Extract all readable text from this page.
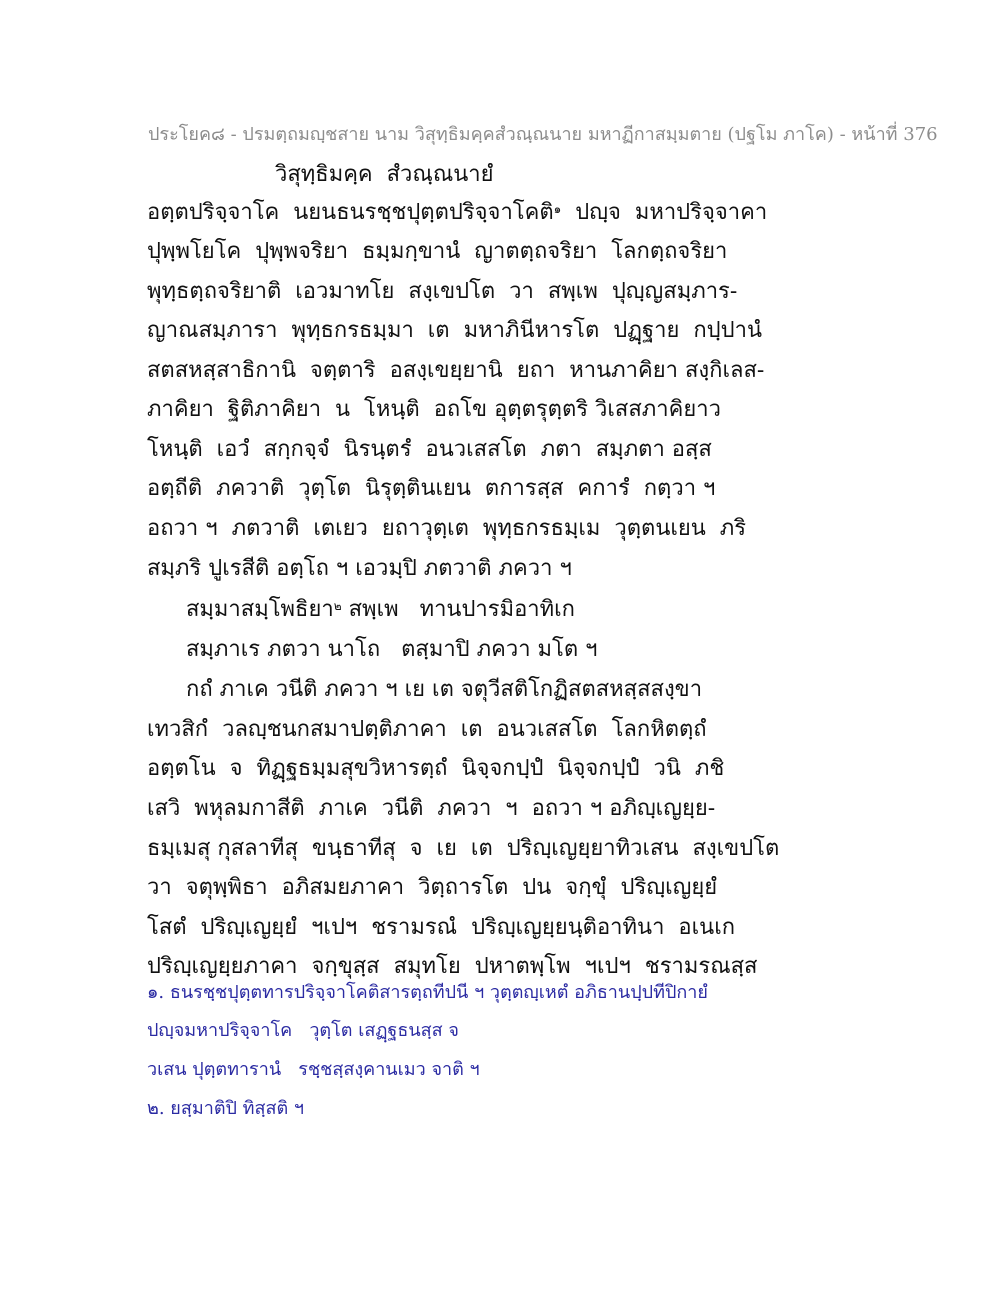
ประโยค๘ - ปรมตฺถมญฺชสาย นาม วิสุทฺธิมคฺคสํวณฺณนาย มหาฏีกาสมฺมตาย (ปฐโม ภาโค) - หน้าที่ 376
วิสุทฺธิมคฺค  สํวณฺณนายํ
อตฺตปริจฺจาโค  นยนธนรชฺชปุตฺตปริจฺจาโคติ$^๑$  ปญฺจ  มหาปริจฺจาคา
ปุพฺพโยโค  ปุพฺพจริยา  ธมฺมกฺขานํ  ญาตตฺถจริยา  โลกตฺถจริยา
พุทฺธตฺถจริยาติ  เอวมาทโย  สงฺเขปโต  วา  สพฺเพ  ปุญฺญสมฺภาร-
ญาณสมฺภารา  พุทฺธกรธมฺมา  เต  มหาภินีหารโต  ปฏฺฐาย  กปฺปานํ
สตสหสฺสาธิกานิ  จตฺตาริ  อสงฺเขยฺยานิ  ยถา  หานภาคิยา สงฺกิเลส-
ภาคิยา  ฐิติภาคิยา  น  โหนฺติ  อถโข อุตฺตรุตฺตริ วิเสสภาคิยาว
โหนฺติ  เอวํ  สกฺกจฺจํ  นิรนฺตรํ  อนวเสสโต  ภตา  สมฺภตา อสฺส
อตฺถีติ  ภควาติ  วุตฺโต  นิรุตฺตินเยน  ตการสฺส  คการํ  กตฺวา ฯ
อถวา ฯ  ภตวาติ  เตเยว  ยถาวุตฺเต  พุทฺธกรธมฺเม  วุตฺตนเยน  ภริ
สมฺภริ ปูเรสีติ อตฺโถ ฯ เอวมฺปิ ภตวาติ ภควา ฯ
สมฺมาสมฺโพธิยา$^๒$ สพฺเพ   ทานปารมิอาทิเก
สมฺภาเร ภตวา นาโถ   ตสฺมาปิ ภควา มโต ฯ
กถํ ภาเค วนีติ ภควา ฯ เย เต จตุวีสติโกฏิสตสหสฺสสงฺขา
เทวสิกํ  วลญฺชนกสมาปตฺติภาคา  เต  อนวเสสโต  โลกหิตตฺถํ
อตฺตโน  จ  ทิฏฺฐธมฺมสุขวิหารตฺถํ  นิจฺจกปฺปํ  นิจฺจกปฺปํ  วนิ  ภชิ
เสวิ  พหุลมกาสีติ  ภาเค  วนีติ  ภควา  ฯ  อถวา ฯ อภิญฺเญยฺย-
ธมฺเมสุ กุสลาทีสุ  ขนฺธาทีสุ  จ  เย  เต  ปริญฺเญยฺยาทิวเสน  สงฺเขปโต
วา  จตุพฺพิธา  อภิสมยภาคา  วิตฺถารโต  ปน  จกฺขุํ  ปริญฺเญยฺยํ
โสตํ  ปริญฺเญยฺยํ  ฯเปฯ  ชรามรณํ  ปริญฺเญยฺยนฺติอาทินา  อเนเก
ปริญฺเญยฺยภาคา  จกฺขุสฺส  สมุทโย  ปหาตพฺโพ  ฯเปฯ  ชรามรณสฺส
๑. ธนรชฺชปุตฺตทารปริจฺจาโคติสารตฺถทีปนี ฯ วุตฺตญฺเหตํ อภิธานปฺปทีปิกายํ
ปญฺจมหาปริจฺจาโค   วุตฺโต เสฏฺฐธนสฺส จ
วเสน ปุตฺตทารานํ   รชฺชสฺสงฺคานเมว จาติ ฯ
๒. ยสฺมาติปิ ทิสฺสติ ฯ
